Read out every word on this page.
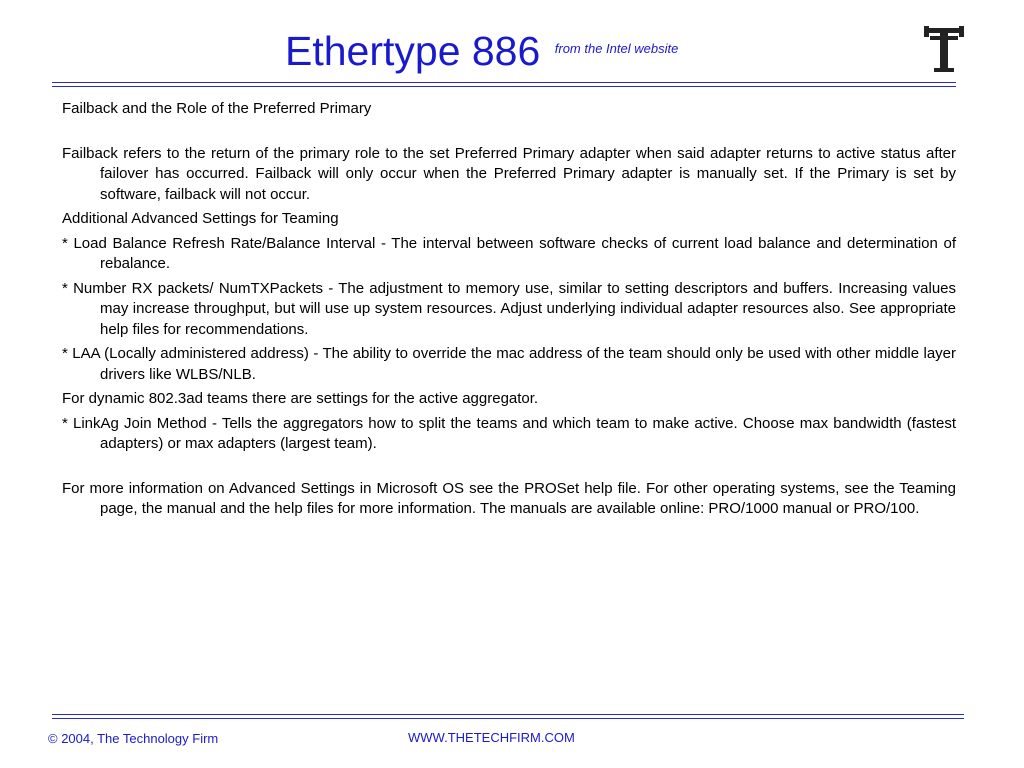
Ethertype 886 $^{from the Intel website}$

Failback and the Role of the Preferred Primary

Failback refers to the return of the primary role to the set Preferred Primary adapter when said adapter returns to active status after failover has occurred. Failback will only occur when the Preferred Primary adapter is manually set. If the Primary is set by software, failback will not occur.

Additional Advanced Settings for Teaming

* Load Balance Refresh Rate/Balance Interval - The interval between software checks of current load balance and determination of rebalance.

* Number RX packets/ NumTXPackets - The adjustment to memory use, similar to setting descriptors and buffers. Increasing values may increase throughput, but will use up system resources. Adjust underlying individual adapter resources also. See appropriate help files for recommendations.

* LAA (Locally administered address) - The ability to override the mac address of the team should only be used with other middle layer drivers like WLBS/NLB.

For dynamic 802.3ad teams there are settings for the active aggregator.

* LinkAg Join Method - Tells the aggregators how to split the teams and which team to make active. Choose max bandwidth (fastest adapters) or max adapters (largest team).

For more information on Advanced Settings in Microsoft OS see the PROSet help file. For other operating systems, see the Teaming page, the manual and the help files for more information. The manuals are available online: PRO/1000 manual or PRO/100.

© 2004, The Technology Firm	WWW.THETECHFIRM.COM
